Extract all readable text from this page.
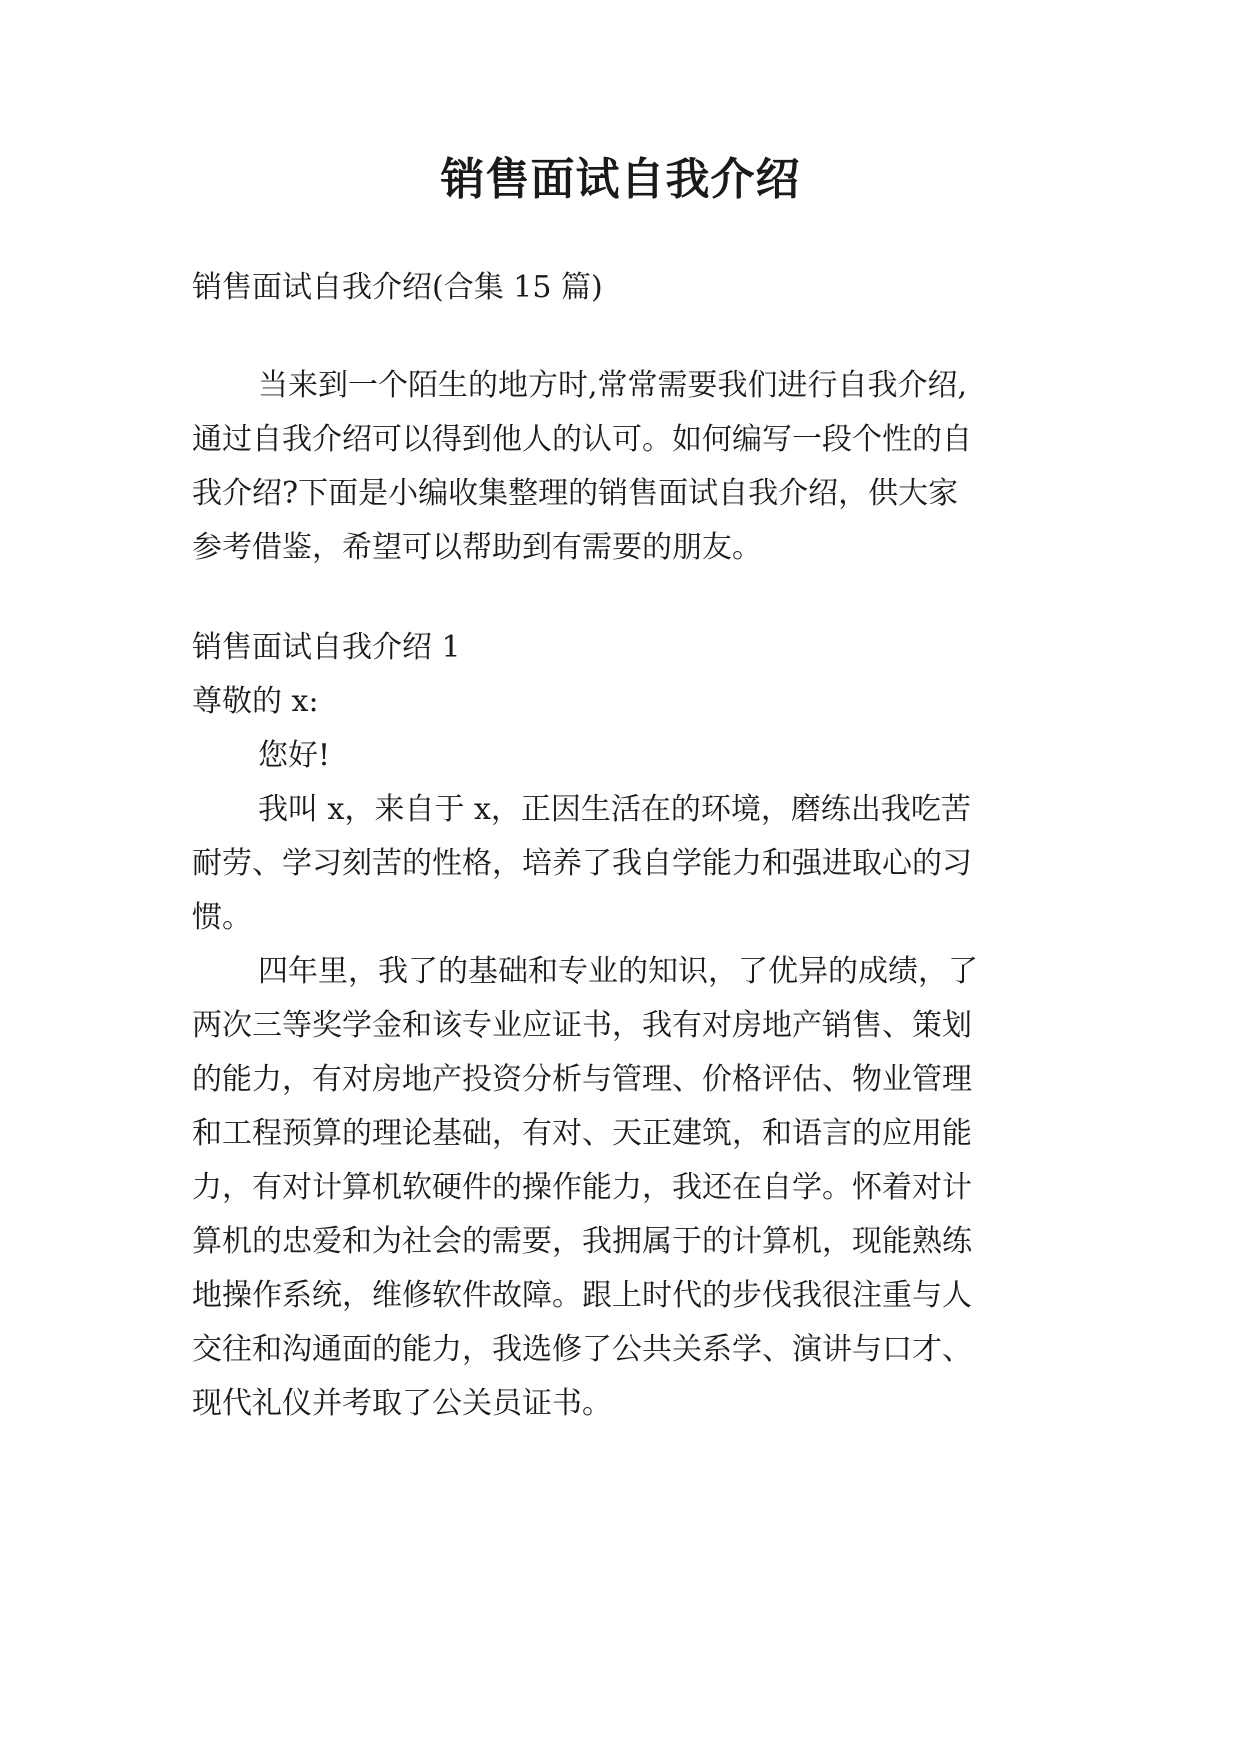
销售面试自我介绍

销售面试自我介绍(合集 15 篇)

当来到一个陌生的地方时,常常需要我们进行自我介绍,

通过自我介绍可以得到他人的认可。如何编写一段个性的自

我介绍?下面是小编收集整理的销售面试自我介绍，供大家

参考借鉴，希望可以帮助到有需要的朋友。

销售面试自我介绍 1

尊敬的 x:

您好!

我叫 x，来自于 x，正因生活在的环境，磨练出我吃苦

耐劳、学习刻苦的性格，培养了我自学能力和强进取心的习

惯。

四年里，我了的基础和专业的知识，了优异的成绩，了

两次三等奖学金和该专业应证书，我有对房地产销售、策划

的能力，有对房地产投资分析与管理、价格评估、物业管理

和工程预算的理论基础，有对、天正建筑，和语言的应用能

力，有对计算机软硬件的操作能力，我还在自学。怀着对计

算机的忠爱和为社会的需要，我拥属于的计算机，现能熟练

地操作系统，维修软件故障。跟上时代的步伐我很注重与人

交往和沟通面的能力，我选修了公共关系学、演讲与口才、

现代礼仪并考取了公关员证书。
